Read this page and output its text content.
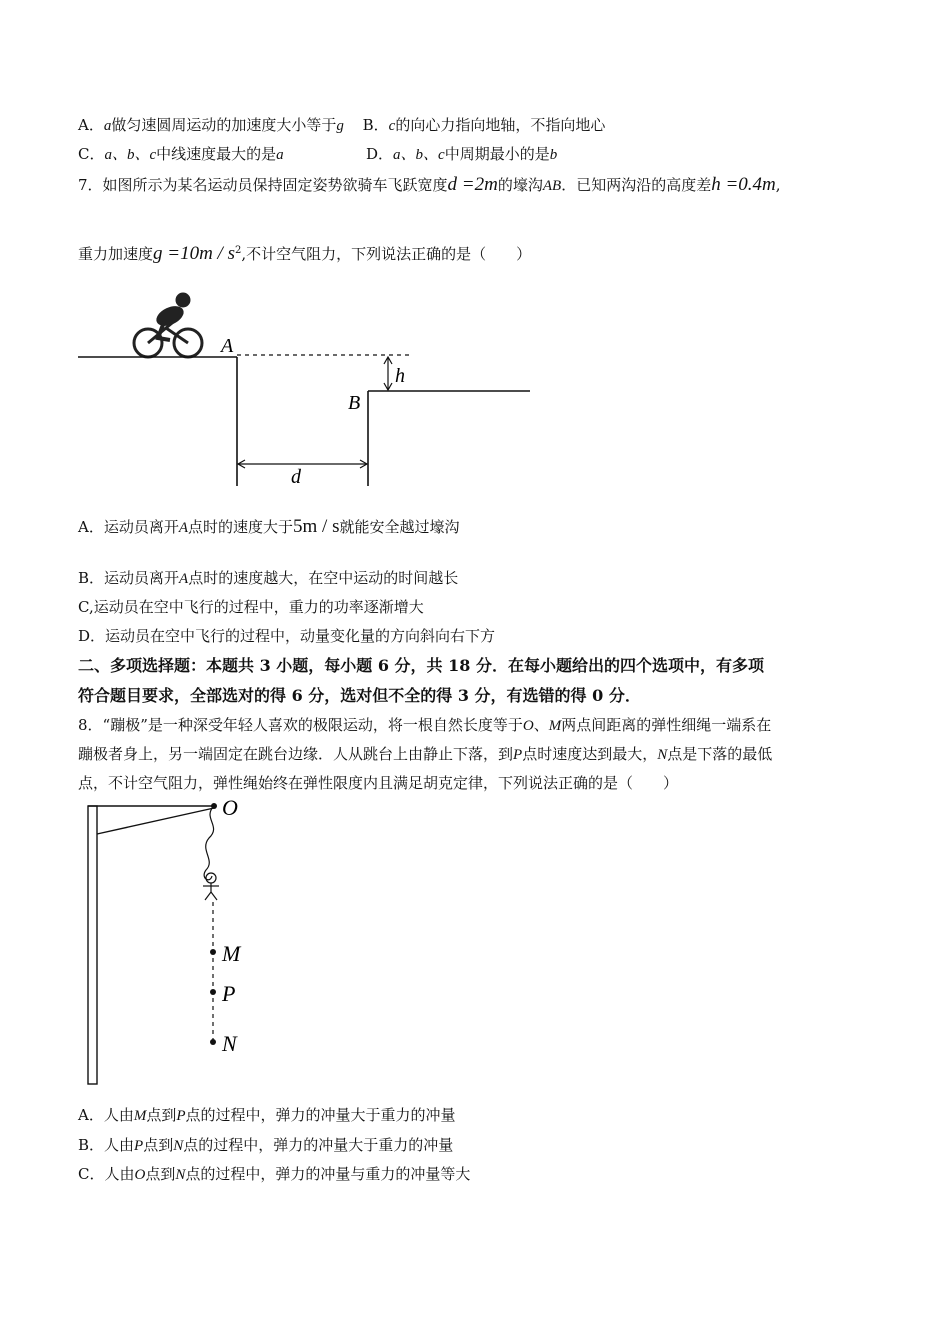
A．a做匀速圆周运动的加速度大小等于g B．c的向心力指向地轴，不指向地心
C．a、b、c中线速度最大的是a	D．a、b、c中周期最小的是b
7．如图所示为某名运动员保持固定姿势欲骑车飞跃宽度d =2m的壕沟AB．已知两沟沿的高度差h =0.4m,
重力加速度$g =10m / s^2$,不计空气阻力，下列说法正确的是（　　）
A
B
h
d
A．运动员离开A点时的速度大于5m / s就能安全越过壕沟
B．运动员离开A点时的速度越大，在空中运动的时间越长
C,运动员在空中飞行的过程中，重力的功率逐渐增大
D．运动员在空中飞行的过程中，动量变化量的方向斜向右下方
二、多项选择题：本题共 3 小题，每小题 6 分，共 18 分．在每小题给出的四个选项中，有多项
符合题目要求，全部选对的得 6 分，选对但不全的得 3 分，有选错的得 0 分．
8．“蹦极”是一种深受年轻人喜欢的极限运动，将一根自然长度等于O、M两点间距离的弹性细绳一端系在
蹦极者身上，另一端固定在跳台边缘．人从跳台上由静止下落，到P点时速度达到最大，N点是下落的最低
点，不计空气阻力，弹性绳始终在弹性限度内且满足胡克定律，下列说法正确的是（　　）
O
M
P
N
A．人由M点到P点的过程中，弹力的冲量大于重力的冲量
B．人由P点到N点的过程中，弹力的冲量大于重力的冲量
C．人由O点到N点的过程中，弹力的冲量与重力的冲量等大
